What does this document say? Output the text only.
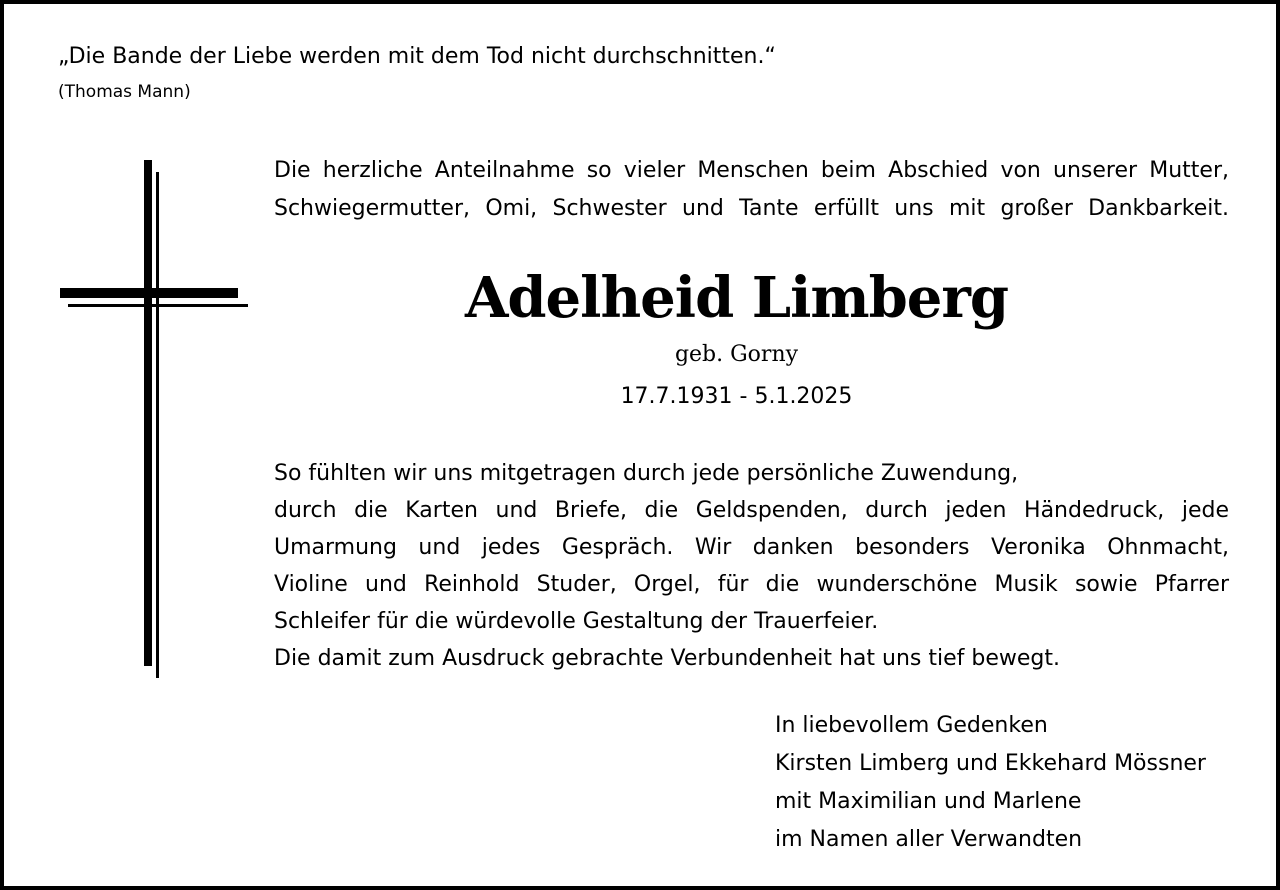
„Die Bande der Liebe werden mit dem Tod nicht durchschnitten.“
(Thomas Mann)
Die herzliche Anteilnahme so vieler Menschen beim Abschied von unserer Mutter,
Schwiegermutter, Omi, Schwester und Tante erfüllt uns mit großer Dankbarkeit.
Adelheid Limberg
geb. Gorny
17.7.1931 - 5.1.2025
So fühlten wir uns mitgetragen durch jede persönliche Zuwendung,
durch die Karten und Briefe, die Geldspenden, durch jeden Händedruck, jede
Umarmung und jedes Gespräch. Wir danken besonders Veronika Ohnmacht,
Violine und Reinhold Studer, Orgel, für die wunderschöne Musik sowie Pfarrer
Schleifer für die würdevolle Gestaltung der Trauerfeier.
Die damit zum Ausdruck gebrachte Verbundenheit hat uns tief bewegt.
In liebevollem Gedenken
Kirsten Limberg und Ekkehard Mössner
mit Maximilian und Marlene
im Namen aller Verwandten
